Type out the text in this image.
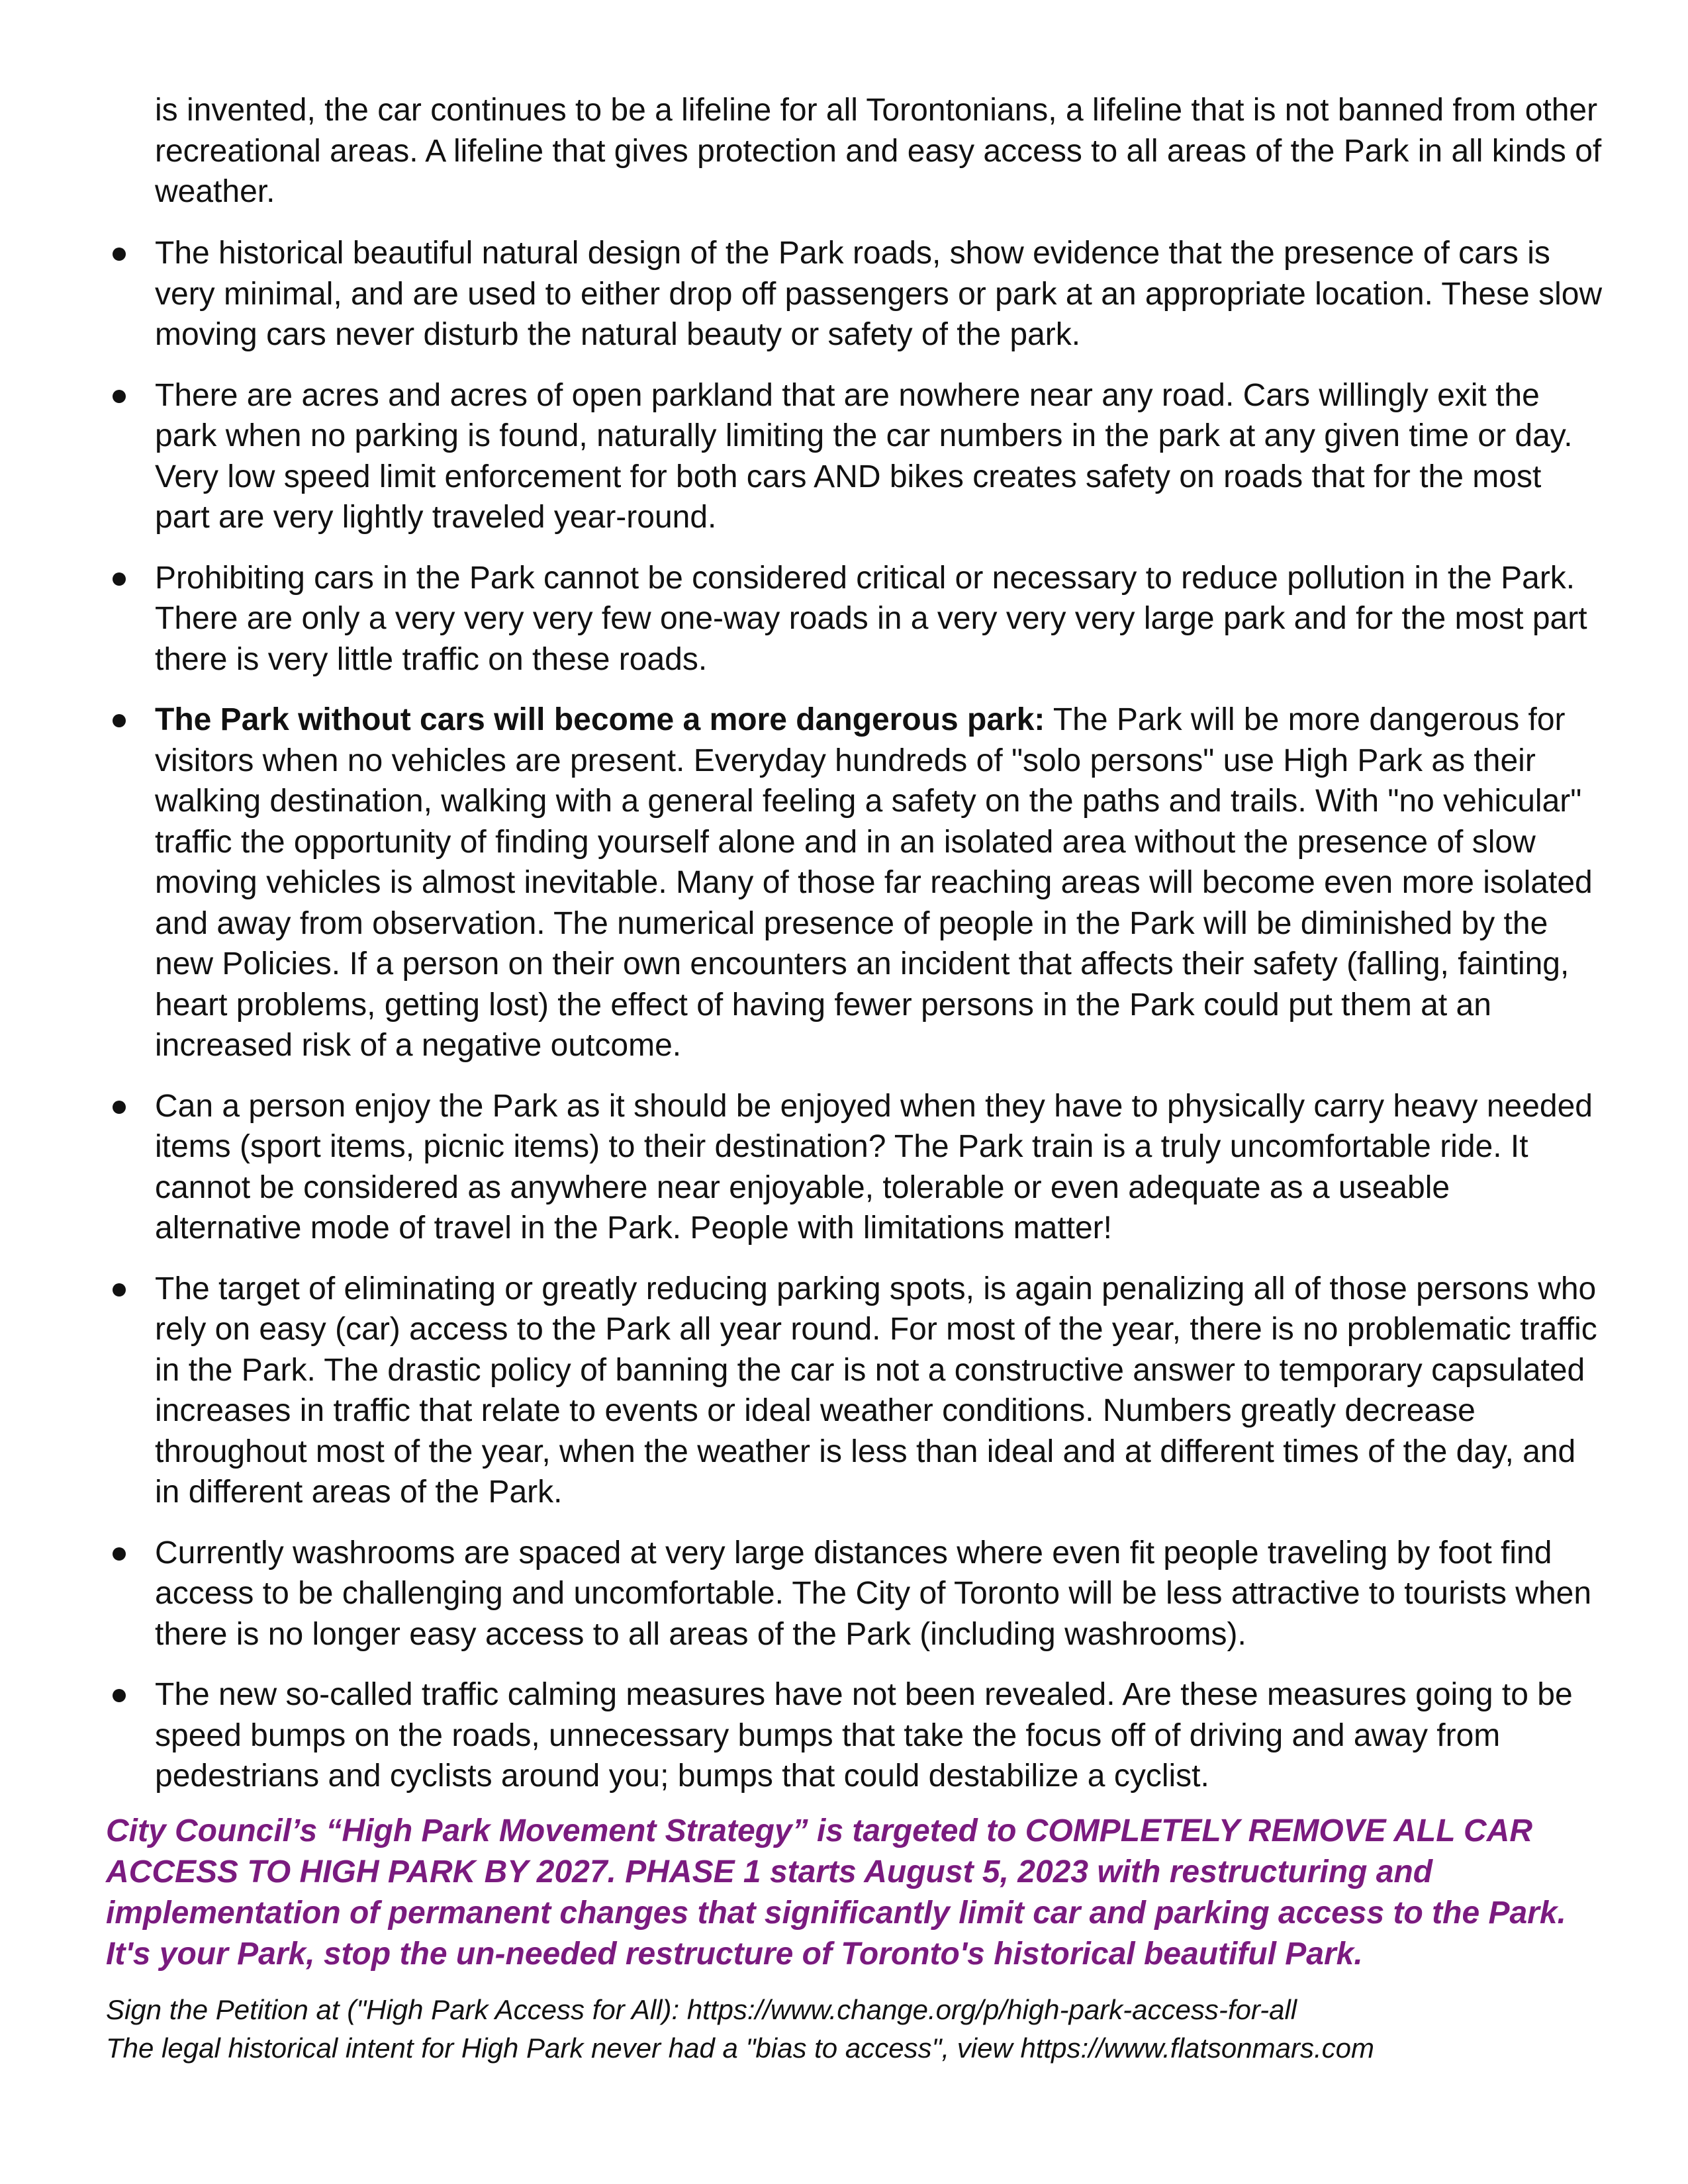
is invented, the car continues to be a lifeline for all Torontonians, a lifeline that is not banned from other recreational areas. A lifeline that gives protection and easy access to all areas of the Park in all kinds of weather.

The historical beautiful natural design of the Park roads, show evidence that the presence of cars is very minimal, and are used to either drop off passengers or park at an appropriate location. These slow moving cars never disturb the natural beauty or safety of the park.
There are acres and acres of open parkland that are nowhere near any road. Cars willingly exit the park when no parking is found, naturally limiting the car numbers in the park at any given time or day. Very low speed limit enforcement for both cars AND bikes creates safety on roads that for the most part are very lightly traveled year-round.
Prohibiting cars in the Park cannot be considered critical or necessary to reduce pollution in the Park. There are only a very very very few one-way roads in a very very very large park and for the most part there is very little traffic on these roads.
The Park without cars will become a more dangerous park: The Park will be more dangerous for visitors when no vehicles are present. Everyday hundreds of "solo persons" use High Park as their walking destination, walking with a general feeling a safety on the paths and trails. With "no vehicular" traffic the opportunity of finding yourself alone and in an isolated area without the presence of slow moving vehicles is almost inevitable. Many of those far reaching areas will become even more isolated and away from observation. The numerical presence of people in the Park will be diminished by the new Policies. If a person on their own encounters an incident that affects their safety (falling, fainting, heart problems, getting lost) the effect of having fewer persons in the Park could put them at an increased risk of a negative outcome.
Can a person enjoy the Park as it should be enjoyed when they have to physically carry heavy needed items (sport items, picnic items) to their destination? The Park train is a truly uncomfortable ride. It cannot be considered as anywhere near enjoyable, tolerable or even adequate as a useable alternative mode of travel in the Park. People with limitations matter!
The target of eliminating or greatly reducing parking spots, is again penalizing all of those persons who rely on easy (car) access to the Park all year round. For most of the year, there is no problematic traffic in the Park. The drastic policy of banning the car is not a constructive answer to temporary capsulated increases in traffic that relate to events or ideal weather conditions. Numbers greatly decrease throughout most of the year, when the weather is less than ideal and at different times of the day, and in different areas of the Park.
Currently washrooms are spaced at very large distances where even fit people traveling by foot find access to be challenging and uncomfortable. The City of Toronto will be less attractive to tourists when there is no longer easy access to all areas of the Park (including washrooms).
The new so-called traffic calming measures have not been revealed. Are these measures going to be speed bumps on the roads, unnecessary bumps that take the focus off of driving and away from pedestrians and cyclists around you; bumps that could destabilize a cyclist.

City Council’s “High Park Movement Strategy” is targeted to COMPLETELY REMOVE ALL CAR ACCESS TO HIGH PARK BY 2027. PHASE 1 starts August 5, 2023 with restructuring and implementation of permanent changes that significantly limit car and parking access to the Park. It's your Park, stop the un-needed restructure of Toronto's historical beautiful Park.

Sign the Petition at ("High Park Access for All): https://www.change.org/p/high-park-access-for-all
The legal historical intent for High Park never had a "bias to access", view https://www.flatsonmars.com
